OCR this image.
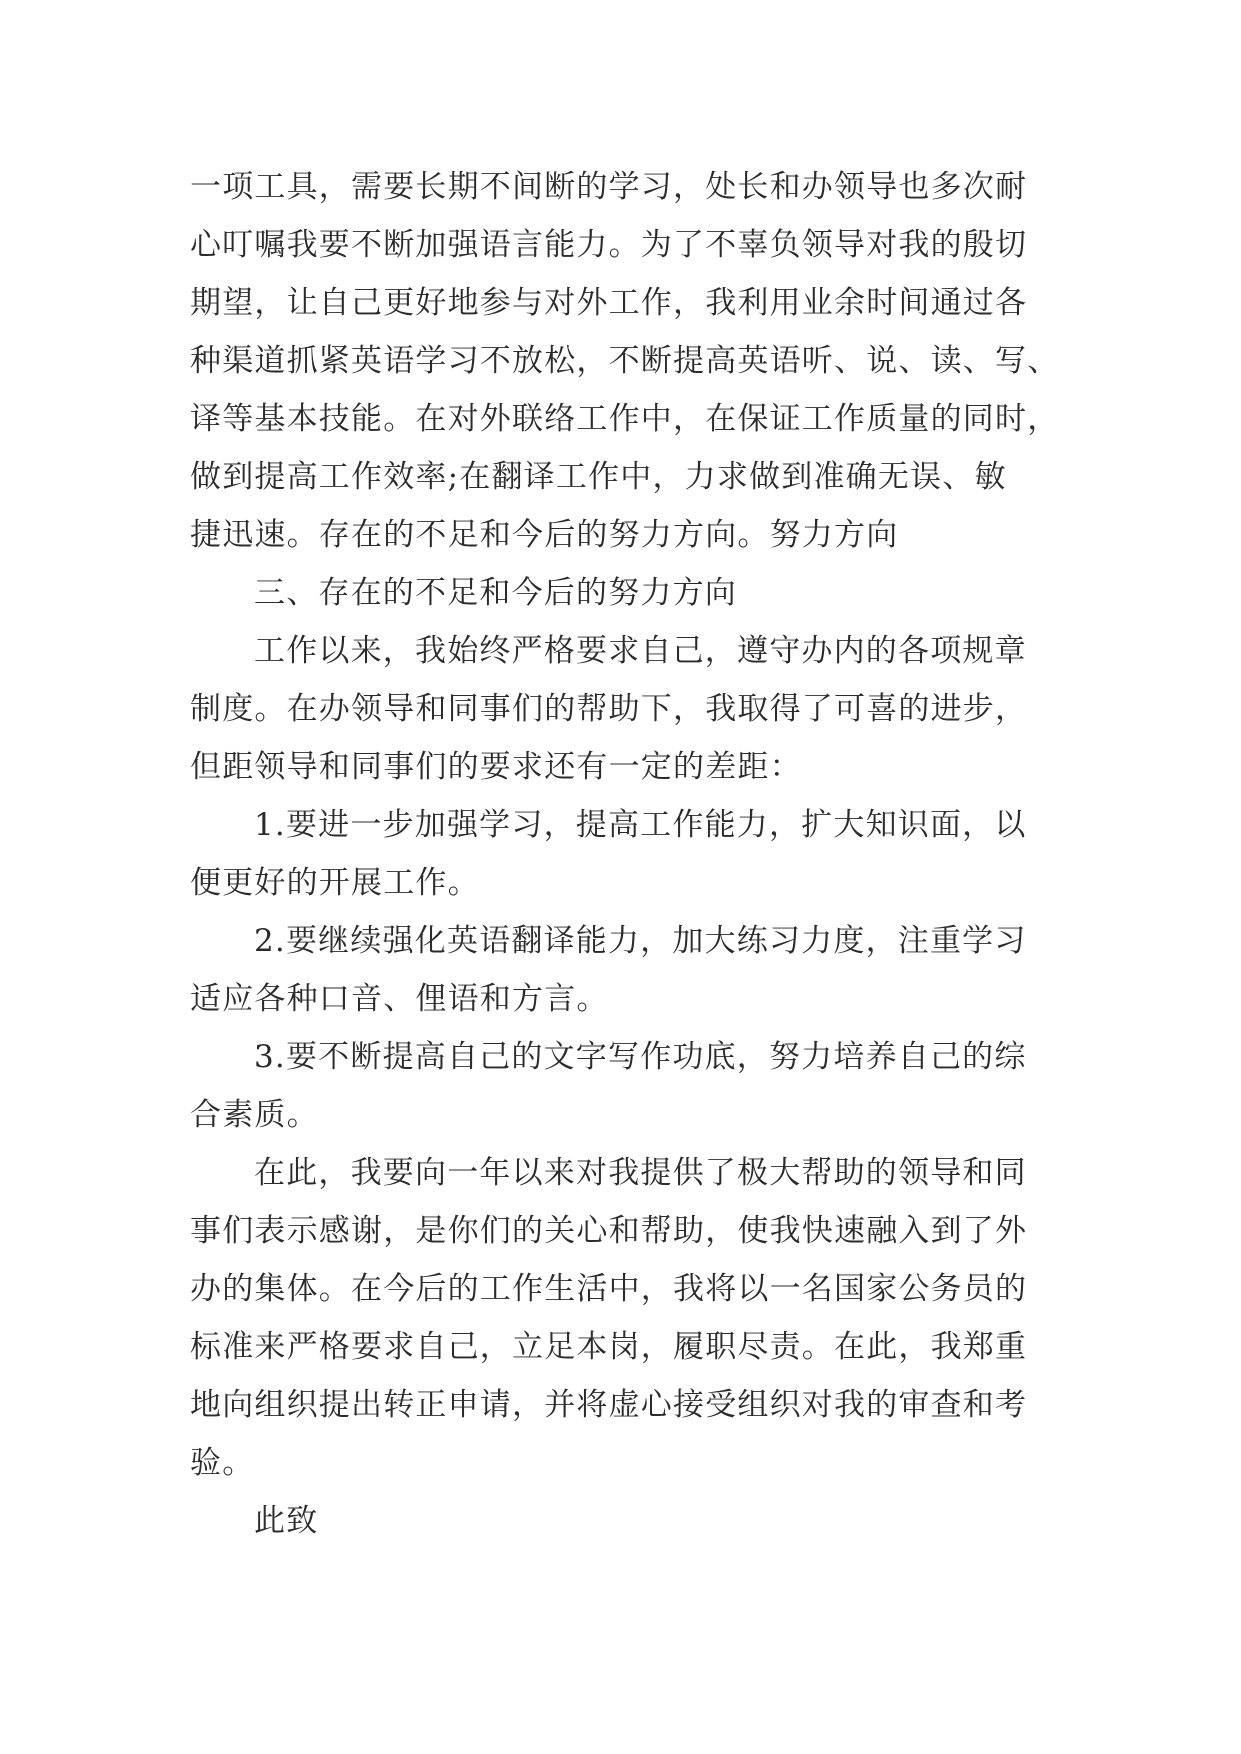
一项工具，需要长期不间断的学习，处长和办领导也多次耐
心叮嘱我要不断加强语言能力。为了不辜负领导对我的殷切
期望，让自己更好地参与对外工作，我利用业余时间通过各
种渠道抓紧英语学习不放松，不断提高英语听、说、读、写、
译等基本技能。在对外联络工作中，在保证工作质量的同时，
做到提高工作效率;在翻译工作中，力求做到准确无误、敏
捷迅速。存在的不足和今后的努力方向。努力方向
三、存在的不足和今后的努力方向
工作以来，我始终严格要求自己，遵守办内的各项规章
制度。在办领导和同事们的帮助下，我取得了可喜的进步，
但距领导和同事们的要求还有一定的差距：
1.要进一步加强学习，提高工作能力，扩大知识面，以
便更好的开展工作。
2.要继续强化英语翻译能力，加大练习力度，注重学习
适应各种口音、俚语和方言。
3.要不断提高自己的文字写作功底，努力培养自己的综
合素质。
在此，我要向一年以来对我提供了极大帮助的领导和同
事们表示感谢，是你们的关心和帮助，使我快速融入到了外
办的集体。在今后的工作生活中，我将以一名国家公务员的
标准来严格要求自己，立足本岗，履职尽责。在此，我郑重
地向组织提出转正申请，并将虚心接受组织对我的审查和考
验。
此致
